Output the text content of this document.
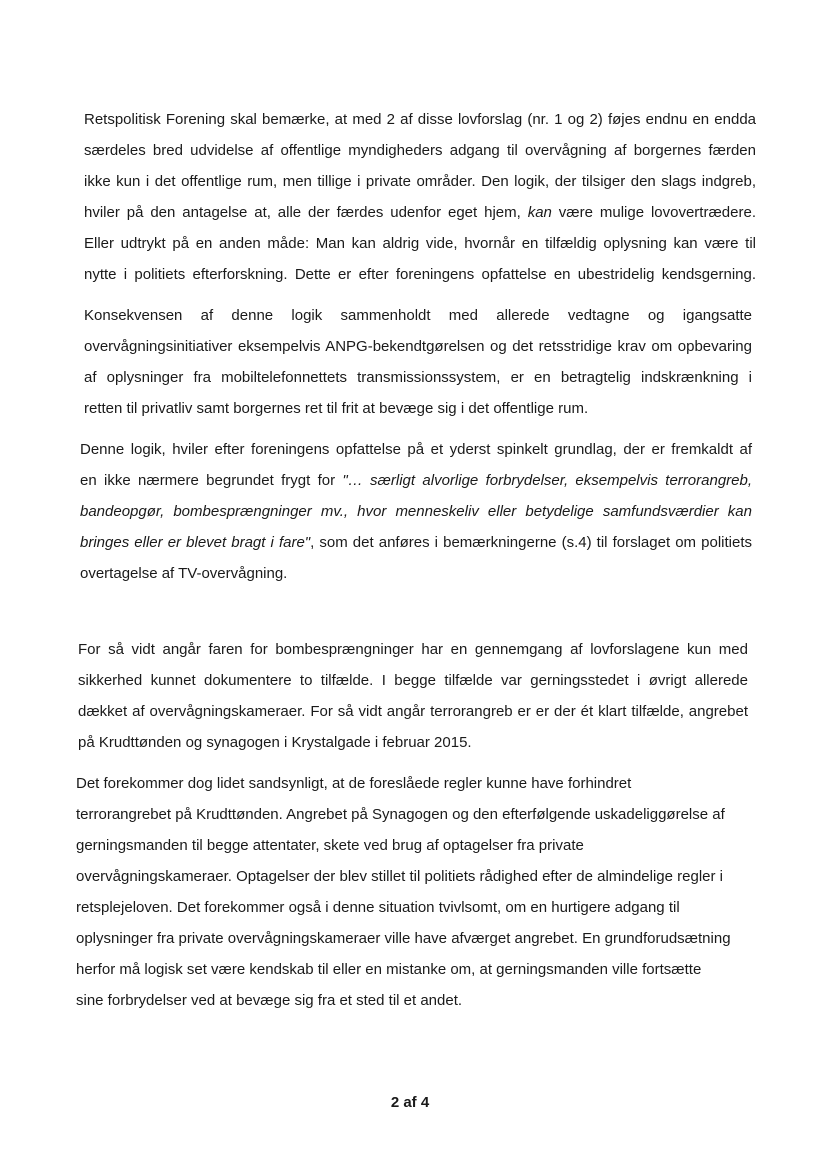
Retspolitisk Forening skal bemærke, at med 2 af disse lovforslag (nr. 1 og 2) føjes endnu en endda
særdeles bred udvidelse af offentlige myndigheders adgang til overvågning af borgernes færden
ikke kun i det offentlige rum, men tillige i private områder. Den logik, der tilsiger den slags indgreb,
hviler på den antagelse at, alle der færdes udenfor eget hjem, kan være mulige lovovertrædere.
Eller udtrykt på en anden måde: Man kan aldrig vide, hvornår en tilfældig oplysning kan være til
nytte i politiets efterforskning. Dette er efter foreningens opfattelse en ubestridelig kendsgerning.
Konsekvensen af denne logik sammenholdt med allerede vedtagne og igangsatte
overvågningsinitiativer eksempelvis ANPG-bekendtgørelsen og det retsstridige krav om opbevaring
af oplysninger fra mobiltelefonnettets transmissionssystem, er en betragtelig indskrænkning i
retten til privatliv samt borgernes ret til frit at bevæge sig i det offentlige rum.
Denne logik, hviler efter foreningens opfattelse på et yderst spinkelt grundlag, der er fremkaldt af
en ikke nærmere begrundet frygt for "… særligt alvorlige forbrydelser, eksempelvis terrorangreb,
bandeopgør, bombesprængninger mv., hvor menneskeliv eller betydelige samfundsværdier kan
bringes eller er blevet bragt i fare", som det anføres i bemærkningerne (s.4) til forslaget om politiets
overtagelse af TV-overvågning.
For så vidt angår faren for bombesprængninger har en gennemgang af lovforslagene kun med
sikkerhed kunnet dokumentere to tilfælde. I begge tilfælde var gerningsstedet i øvrigt allerede
dækket af overvågningskameraer. For så vidt angår terrorangreb er er der ét klart tilfælde, angrebet
på Krudttønden og synagogen i Krystalgade i februar 2015.
Det forekommer dog lidet sandsynligt, at de foreslåede regler kunne have forhindret
terrorangrebet på Krudttønden. Angrebet på Synagogen og den efterfølgende uskadeliggørelse af
gerningsmanden til begge attentater, skete ved brug af optagelser fra private
overvågningskameraer. Optagelser der blev stillet til politiets rådighed efter de almindelige regler i
retsplejeloven. Det forekommer også i denne situation tvivlsomt, om en hurtigere adgang til
oplysninger fra private overvågningskameraer ville have afværget angrebet. En grundforudsætning
herfor må logisk set være kendskab til eller en mistanke om, at gerningsmanden ville fortsætte
sine forbrydelser ved at bevæge sig fra et sted til et andet.
2 af 4
